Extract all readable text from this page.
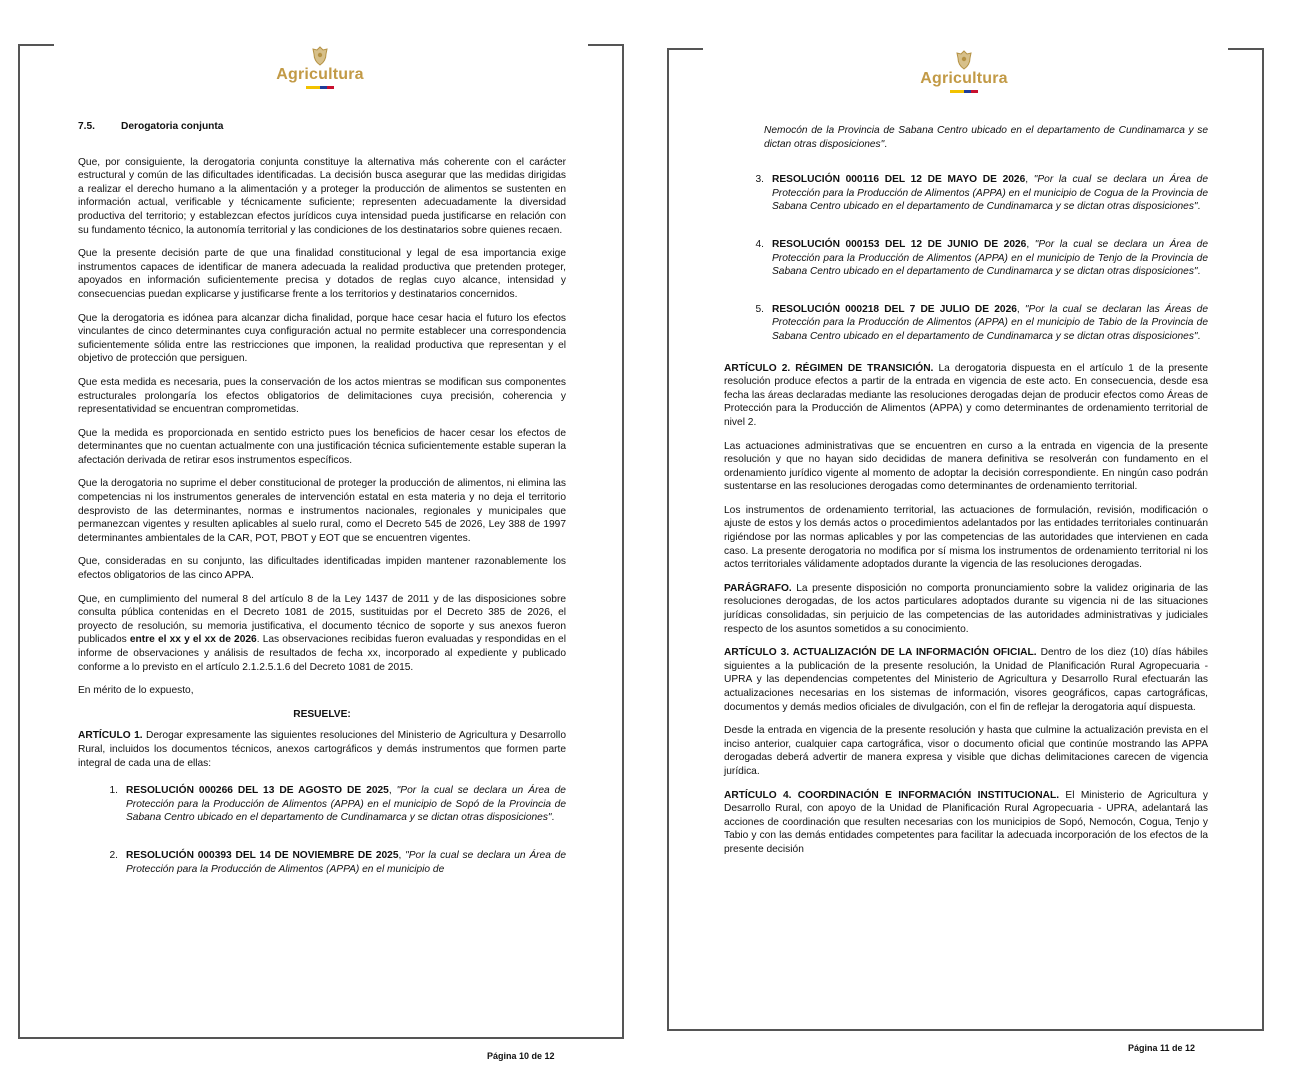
Agricultura
7.5.	Derogatoria conjunta

Que, por consiguiente, la derogatoria conjunta constituye la alternativa más coherente con el carácter estructural y común de las dificultades identificadas. La decisión busca asegurar que las medidas dirigidas a realizar el derecho humano a la alimentación y a proteger la producción de alimentos se sustenten en información actual, verificable y técnicamente suficiente; representen adecuadamente la diversidad productiva del territorio; y establezcan efectos jurídicos cuya intensidad pueda justificarse en relación con su fundamento técnico, la autonomía territorial y las condiciones de los destinatarios sobre quienes recaen.

Que la presente decisión parte de que una finalidad constitucional y legal de esa importancia exige instrumentos capaces de identificar de manera adecuada la realidad productiva que pretenden proteger, apoyados en información suficientemente precisa y dotados de reglas cuyo alcance, intensidad y consecuencias puedan explicarse y justificarse frente a los territorios y destinatarios concernidos.

Que la derogatoria es idónea para alcanzar dicha finalidad, porque hace cesar hacia el futuro los efectos vinculantes de cinco determinantes cuya configuración actual no permite establecer una correspondencia suficientemente sólida entre las restricciones que imponen, la realidad productiva que representan y el objetivo de protección que persiguen.

Que esta medida es necesaria, pues la conservación de los actos mientras se modifican sus componentes estructurales prolongaría los efectos obligatorios de delimitaciones cuya precisión, coherencia y representatividad se encuentran comprometidas.

Que la medida es proporcionada en sentido estricto pues los beneficios de hacer cesar los efectos de determinantes que no cuentan actualmente con una justificación técnica suficientemente estable superan la afectación derivada de retirar esos instrumentos específicos.

Que la derogatoria no suprime el deber constitucional de proteger la producción de alimentos, ni elimina las competencias ni los instrumentos generales de intervención estatal en esta materia y no deja el territorio desprovisto de las determinantes, normas e instrumentos nacionales, regionales y municipales que permanezcan vigentes y resulten aplicables al suelo rural, como el Decreto 545 de 2026, Ley 388 de 1997 determinantes ambientales de la CAR, POT, PBOT y EOT que se encuentren vigentes.

Que, consideradas en su conjunto, las dificultades identificadas impiden mantener razonablemente los efectos obligatorios de las cinco APPA.

Que, en cumplimiento del numeral 8 del artículo 8 de la Ley 1437 de 2011 y de las disposiciones sobre consulta pública contenidas en el Decreto 1081 de 2015, sustituidas por el Decreto 385 de 2026, el proyecto de resolución, su memoria justificativa, el documento técnico de soporte y sus anexos fueron publicados entre el xx y el xx de 2026. Las observaciones recibidas fueron evaluadas y respondidas en el informe de observaciones y análisis de resultados de fecha xx, incorporado al expediente y publicado conforme a lo previsto en el artículo 2.1.2.5.1.6 del Decreto 1081 de 2015.

En mérito de lo expuesto,

RESUELVE:

ARTÍCULO 1. Derogar expresamente las siguientes resoluciones del Ministerio de Agricultura y Desarrollo Rural, incluidos los documentos técnicos, anexos cartográficos y demás instrumentos que formen parte integral de cada una de ellas:

1. RESOLUCIÓN 000266 DEL 13 DE AGOSTO DE 2025, "Por la cual se declara un Área de Protección para la Producción de Alimentos (APPA) en el municipio de Sopó de la Provincia de Sabana Centro ubicado en el departamento de Cundinamarca y se dictan otras disposiciones".
2. RESOLUCIÓN 000393 DEL 14 DE NOVIEMBRE DE 2025, "Por la cual se declara un Área de Protección para la Producción de Alimentos (APPA) en el municipio de
Página 10 de 12
Agricultura
Nemocón de la Provincia de Sabana Centro ubicado en el departamento de Cundinamarca y se dictan otras disposiciones".
3. RESOLUCIÓN 000116 DEL 12 DE MAYO DE 2026, "Por la cual se declara un Área de Protección para la Producción de Alimentos (APPA) en el municipio de Cogua de la Provincia de Sabana Centro ubicado en el departamento de Cundinamarca y se dictan otras disposiciones".
4. RESOLUCIÓN 000153 DEL 12 DE JUNIO DE 2026, "Por la cual se declara un Área de Protección para la Producción de Alimentos (APPA) en el municipio de Tenjo de la Provincia de Sabana Centro ubicado en el departamento de Cundinamarca y se dictan otras disposiciones".
5. RESOLUCIÓN 000218 DEL 7 DE JULIO DE 2026, "Por la cual se declaran las Áreas de Protección para la Producción de Alimentos (APPA) en el municipio de Tabio de la Provincia de Sabana Centro ubicado en el departamento de Cundinamarca y se dictan otras disposiciones".

ARTÍCULO 2. RÉGIMEN DE TRANSICIÓN. La derogatoria dispuesta en el artículo 1 de la presente resolución produce efectos a partir de la entrada en vigencia de este acto. En consecuencia, desde esa fecha las áreas declaradas mediante las resoluciones derogadas dejan de producir efectos como Áreas de Protección para la Producción de Alimentos (APPA) y como determinantes de ordenamiento territorial de nivel 2.

Las actuaciones administrativas que se encuentren en curso a la entrada en vigencia de la presente resolución y que no hayan sido decididas de manera definitiva se resolverán con fundamento en el ordenamiento jurídico vigente al momento de adoptar la decisión correspondiente. En ningún caso podrán sustentarse en las resoluciones derogadas como determinantes de ordenamiento territorial.

Los instrumentos de ordenamiento territorial, las actuaciones de formulación, revisión, modificación o ajuste de estos y los demás actos o procedimientos adelantados por las entidades territoriales continuarán rigiéndose por las normas aplicables y por las competencias de las autoridades que intervienen en cada caso. La presente derogatoria no modifica por sí misma los instrumentos de ordenamiento territorial ni los actos territoriales válidamente adoptados durante la vigencia de las resoluciones derogadas.

PARÁGRAFO. La presente disposición no comporta pronunciamiento sobre la validez originaria de las resoluciones derogadas, de los actos particulares adoptados durante su vigencia ni de las situaciones jurídicas consolidadas, sin perjuicio de las competencias de las autoridades administrativas y judiciales respecto de los asuntos sometidos a su conocimiento.

ARTÍCULO 3. ACTUALIZACIÓN DE LA INFORMACIÓN OFICIAL. Dentro de los diez (10) días hábiles siguientes a la publicación de la presente resolución, la Unidad de Planificación Rural Agropecuaria - UPRA y las dependencias competentes del Ministerio de Agricultura y Desarrollo Rural efectuarán las actualizaciones necesarias en los sistemas de información, visores geográficos, capas cartográficas, documentos y demás medios oficiales de divulgación, con el fin de reflejar la derogatoria aquí dispuesta.

Desde la entrada en vigencia de la presente resolución y hasta que culmine la actualización prevista en el inciso anterior, cualquier capa cartográfica, visor o documento oficial que continúe mostrando las APPA derogadas deberá advertir de manera expresa y visible que dichas delimitaciones carecen de vigencia jurídica.

ARTÍCULO 4. COORDINACIÓN E INFORMACIÓN INSTITUCIONAL. El Ministerio de Agricultura y Desarrollo Rural, con apoyo de la Unidad de Planificación Rural Agropecuaria - UPRA, adelantará las acciones de coordinación que resulten necesarias con los municipios de Sopó, Nemocón, Cogua, Tenjo y Tabio y con las demás entidades competentes para facilitar la adecuada incorporación de los efectos de la presente decisión

Página 11 de 12
